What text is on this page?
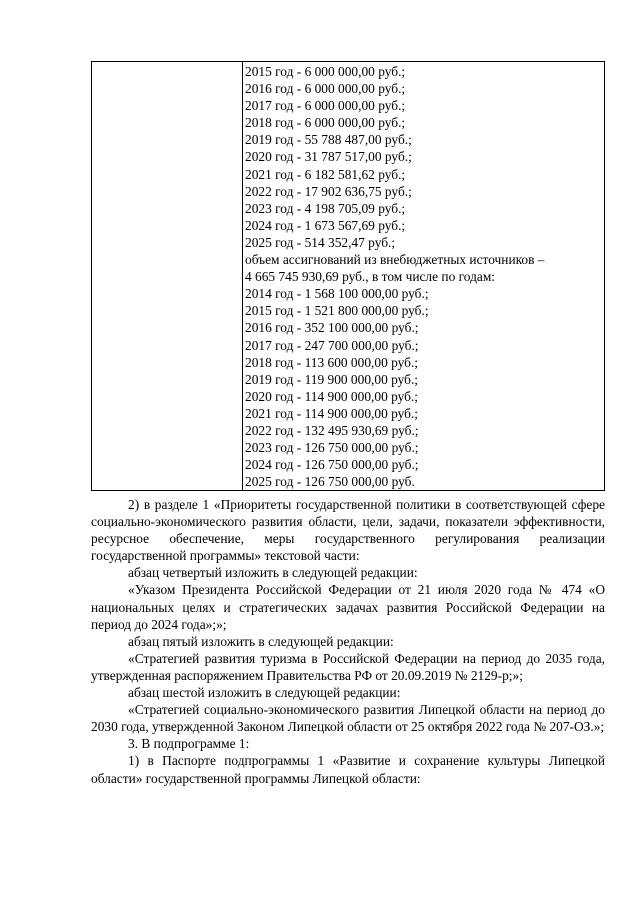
2015 год - 6 000 000,00 руб.;
2016 год - 6 000 000,00 руб.;
2017 год - 6 000 000,00 руб.;
2018 год - 6 000 000,00 руб.;
2019 год - 55 788 487,00 руб.;
2020 год - 31 787 517,00 руб.;
2021 год - 6 182 581,62 руб.;
2022 год - 17 902 636,75 руб.;
2023 год - 4 198 705,09 руб.;
2024 год - 1 673 567,69 руб.;
2025 год - 514 352,47 руб.;
объем ассигнований из внебюджетных источников –
4 665 745 930,69 руб., в том числе по годам:
2014 год - 1 568 100 000,00 руб.;
2015 год - 1 521 800 000,00 руб.;
2016 год - 352 100 000,00 руб.;
2017 год - 247 700 000,00 руб.;
2018 год - 113 600 000,00 руб.;
2019 год - 119 900 000,00 руб.;
2020 год - 114 900 000,00 руб.;
2021 год - 114 900 000,00 руб.;
2022 год - 132 495 930,69 руб.;
2023 год - 126 750 000,00 руб.;
2024 год - 126 750 000,00 руб.;
2025 год - 126 750 000,00 руб.

2) в разделе 1 «Приоритеты государственной политики в соответствующей сфере социально-экономического развития области, цели, задачи, показатели эффективности, ресурсное обеспечение, меры государственного регулирования реализации государственной программы» текстовой части:

абзац четвертый изложить в следующей редакции:

«Указом Президента Российской Федерации от 21 июля 2020 года № 474 «О национальных целях и стратегических задачах развития Российской Федерации на период до 2024 года»;»;

абзац пятый изложить в следующей редакции:

«Стратегией развития туризма в Российской Федерации на период до 2035 года, утвержденная распоряжением Правительства РФ от 20.09.2019 № 2129-р;»;

абзац шестой изложить в следующей редакции:

«Стратегией социально-экономического развития Липецкой области на период до 2030 года, утвержденной Законом Липецкой области от 25 октября 2022 года № 207-ОЗ.»;

3. В подпрограмме 1:

1) в Паспорте подпрограммы 1 «Развитие и сохранение культуры Липецкой области» государственной программы Липецкой области:
